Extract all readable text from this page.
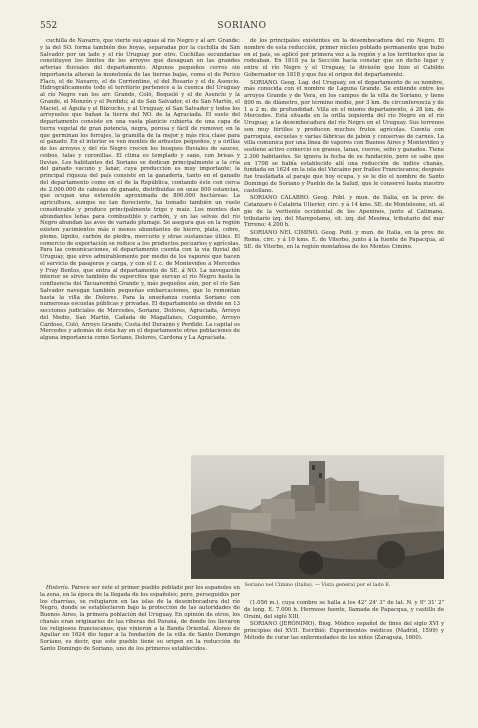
552	SORIANO

cuchilla de Navarro, que vierte sus aguas al río Negro y al arr. Grande; y la del SO. forma también dos hoyas, separadas por la cuchilla de San Salvador por un lado y el río Uruguay por otro. Cuchillas secundarias constituyen los límites de los arroyos que desaguan en las grandes arterias fluviales del departamento. Algunos pequeños cerros sin importancia alteran la monotonía de las tierras bajas, como el de Perico Flaco, el de Navarro, el de Corrientino, el del Rosario y el de Asencio. Hidrográficamente todo el territorio pertenece a la cuenca del Uruguay al río Negro van los arr. Grande, Coló, Bequeló y el de Asencio y la Grande, el Monzón y el Perdido; al de San Salvador, el de San Martín, el Maciel, el Águila y el Bizcocho, y al Uruguay, el San Salvador y todos los arroyuelos que bañan la tierra del NO. de la Agraciada. El suelo del departamento consiste en una vasta planicie cubierta de una capa de tierra vegetal de gran potencia, negra, porosa y fácil de remover, en la que germinan los forrajes, la gramilla de la mejor y más rica clase para el ganado. En el interior se ven montes de arbustos pequeños, y a orillas de los arroyos y del río Negro crecen los bosques fluviales de sauces, ceibos, talas y coronillas. El clima es templado y sano, con brisas y lluvias. Los habitantes del Soriano se dedican principalmente a la cría del ganado vacuno y lanar, cuya producción es muy importante; la principal riqueza del país consiste en la ganadería, tanto en el ganado del departamento como en el de la República, contando éste con cerca de 2.000.000 de cabezas de ganado, distribuidas en unas 800 estancias, que ocupan una extensión aproximada de 800.000 hectáreas. La agricultura, aunque no tan floreciente, ha tomado también un vuelo considerable y produce principalmente trigo y maíz. Los montes dan abundantes leñas para combustible y carbón, y en las selvas del río Negro abundan las aves de variado plumaje. Se asegura que en la región existen yacimientos más o menos abundantes de hierro, plata, cobre, plomo, lignito, carbón de piedra, mercurio y otras sustancias útiles. El comercio de exportación se reduce a los productos pecuarios y agrícolas. Para las comunicaciones, el departamento cuenta con la vía fluvial del Uruguay, que sirve admirablemente por medio de los vapores que hacen el servicio de pasajeros y carga, y con el f. c. de Montevideo a Mercedes y Fray Bentos, que entra al departamento de SE. á NO. La navegación interior se sirve también de vaporcitos que surcan el río Negro hasta la confluencia del Tacuarembó Grande y, más pequeños aún, por el río San Salvador navegan también pequeñas embarcaciones, que lo remontan hasta la villa de Dolores. Para la enseñanza cuenta Soriano con numerosas escuelas públicas y privadas. El departamento se divide en 13 secciones judiciales de Mercedes, Soriano, Dolores, Agraciada, Arroyo del Medio, San Martín, Cañada de Magallanes, Coquimbo, Arroyo Cardoso, Coló, Arroyo Grande, Costa del Durazno y Perdido. La capital es Mercedes y además de ésta hay en el departamento otras poblaciones de alguna importancia como Soriano, Dolores, Cardona y La Agraciada.

Historia. Parece ser éste el primer pueblo poblado por los españoles en la zona, en la época de la llegada de los españoles; pero, perseguidos por los charrúas, se refugiaron en las islas de la desembocadura del río Negro, donde se establecieron bajo la protección de las autoridades de Buenos Aires, la primera población del Uruguay. En opinión de otros, los chanás eran originarios de las riberas del Paraná, de donde los llevaron los religiosos franciscanos, que vinieron a la Banda Oriental. Alonso de Aguilar en 1624 dio lugar a la fundación de la villa de Santo Domingo Soriano, es decir, que este pueblo tiene su origen en la reducción de Santo Domingo de Soriano, uno de los primeros establecidos.

de los principales existentes en la desembocadura del río Negro. El nombre de esta reducción, primer núcleo poblado permanente que hubo en el país, se aplicó por primera vez a la región y a los territorios que la rodeaban. En 1818 ya la Sección hacía constar que en dicho lugar y entre el río Negro y el Uruguay, la división que hizo el Cabildo Gobernador en 1818 y que fue el origen del departamento.

SORIANO. Geog. Lag. del Uruguay, en el departamento de su nombre, más conocida con el nombre de Laguna Grande. Se extiende entre los arroyos Grande y de Vera, en los campos de la villa de Soriano, y tiene 800 m. de diámetro, por término medio, por 3 km. de circunferencia y de 1 a 2 m. de profundidad. Villa en el mismo departamento, á 28 km. de Mercedes. Está situada en la orilla izquierda del río Negro en el río Uruguay, a la desembocadura del río Negro en el Uruguay. Sus terrenos son muy fértiles y producen muchos frutos agrícolas. Cuenta con parroquia, escuelas y varias fábricas de jabón y conservas de carnes. La villa comunica por una línea de vapores con Buenos Aires y Montevideo y sostiene activo comercio en granos, lanas, cueros, sebo y ganados. Tiene 2.300 habitantes. Se ignora la fecha de su fundación, pero se sabe que en 1708 se había establecido allí una reducción de indios chanás, fundada en 1624 en la isla del Vizcaíno por frailes Franciscanos; después fue trasladada al paraje que hoy ocupa, y se le dio el nombre de Santo Domingo de Soriano y Pueblo de la Salud, que le conservó hasta nuestro castellano.

SORIANO CALABRO. Geog. Pobl. y mun. de Italia, en la prov. de Catanzaro ó Calabria Ulterior, circ. y á 14 kms. SE. de Monteleone, sit. al pie de la vertiente occidental de los Apeninos, junto al Calimano, tributario izq. del Marepotamo, sit. izq. del Mesima, tributario del mar Tirreno; 4.200 h.

SORIANO NEL CIMINO. Geog. Pobl. y mun. de Italia, en la prov. de Roma, circ. y á 10 kms. E. de Viterbo, junto á la fuente de Papacqua, al SE. de Viterbo, en la región montañosa de los Montes Cimino.

Soriano nel Cimino (Italia). — Vista general por el lado E.

(1.056 m.), cuya cumbre se halla á los 42° 24' 3" de lat. N. y 9° 31' 2" de long. E. 7.000 h. Hermoso fuente, llamada de Papacqua, y castillo de Orsini, del siglo XIII.

SORIANO (JERÓNIMO). Biog. Médico español de fines del siglo XVI y principios del XVII. Escribió: Experimentos médicos (Madrid, 1599) y Método de curar las enfermedades de los niños (Zaragoza, 1600).
